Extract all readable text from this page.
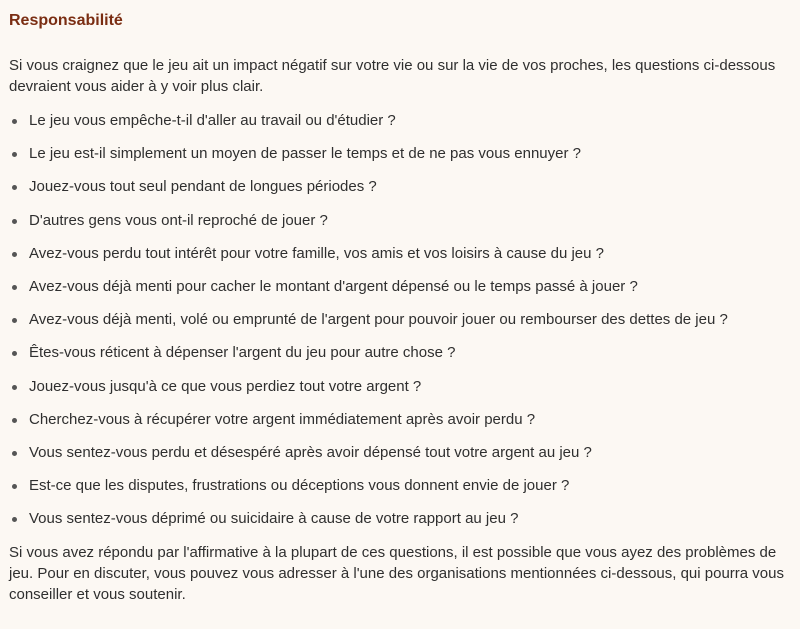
Responsabilité

Si vous craignez que le jeu ait un impact négatif sur votre vie ou sur la vie de vos proches, les questions ci-dessous devraient vous aider à y voir plus clair.

Le jeu vous empêche-t-il d'aller au travail ou d'étudier ?
Le jeu est-il simplement un moyen de passer le temps et de ne pas vous ennuyer ?
Jouez-vous tout seul pendant de longues périodes ?
D'autres gens vous ont-il reproché de jouer ?
Avez-vous perdu tout intérêt pour votre famille, vos amis et vos loisirs à cause du jeu ?
Avez-vous déjà menti pour cacher le montant d'argent dépensé ou le temps passé à jouer ?
Avez-vous déjà menti, volé ou emprunté de l'argent pour pouvoir jouer ou rembourser des dettes de jeu ?
Êtes-vous réticent à dépenser l'argent du jeu pour autre chose ?
Jouez-vous jusqu'à ce que vous perdiez tout votre argent ?
Cherchez-vous à récupérer votre argent immédiatement après avoir perdu ?
Vous sentez-vous perdu et désespéré après avoir dépensé tout votre argent au jeu ?
Est-ce que les disputes, frustrations ou déceptions vous donnent envie de jouer ?
Vous sentez-vous déprimé ou suicidaire à cause de votre rapport au jeu ?

Si vous avez répondu par l'affirmative à la plupart de ces questions, il est possible que vous ayez des problèmes de jeu. Pour en discuter, vous pouvez vous adresser à l'une des organisations mentionnées ci-dessous, qui pourra vous conseiller et vous soutenir.
